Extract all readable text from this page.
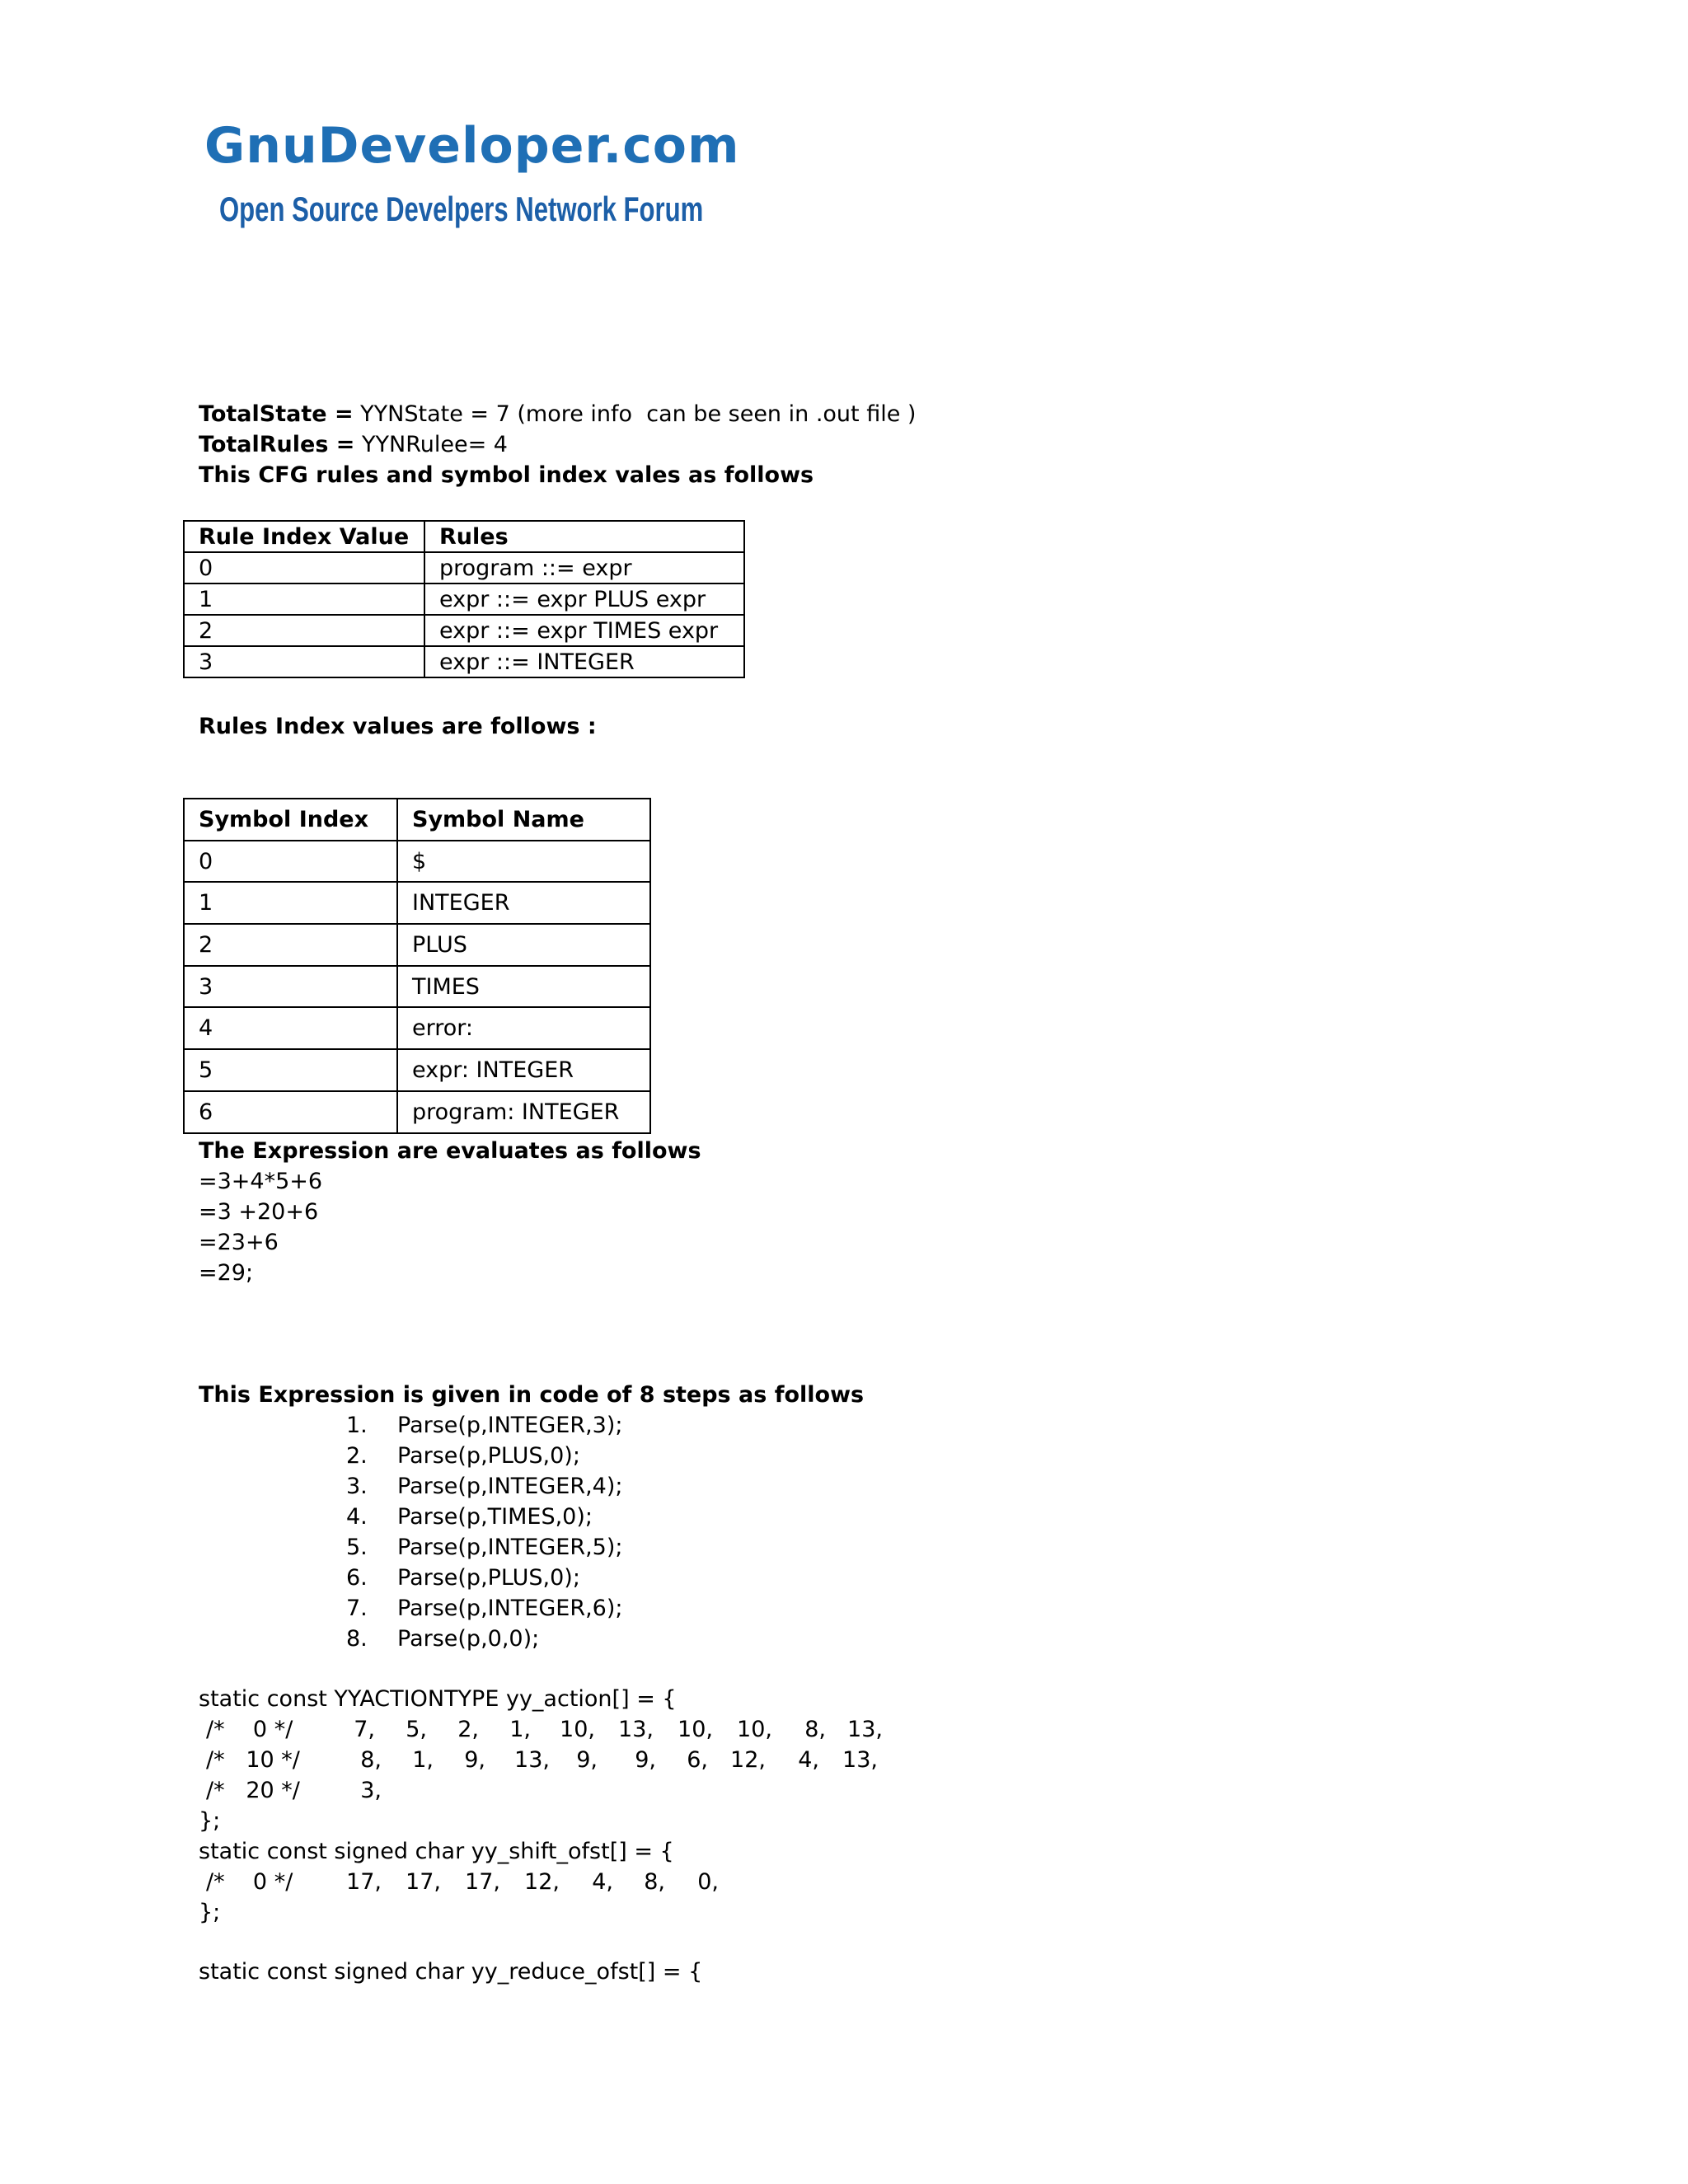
GnuDeveloper.com
Open Source Develpers Network Forum
TotalState = YYNState = 7 (more info  can be seen in .out file )
TotalRules = YYNRulee= 4
This CFG rules and symbol index vales as follows
Rule Index Value	Rules
0	program ::= expr
1	expr ::= expr PLUS expr
2	expr ::= expr TIMES expr
3	expr ::= INTEGER
Rules Index values are follows :
Symbol Index	Symbol Name
0	$
1	INTEGER
2	PLUS
3	TIMES
4	error:
5	expr: INTEGER
6	program: INTEGER
The Expression are evaluates as follows
=3+4*5+6
=3 +20+6
=23+6
=29;
This Expression is given in code of 8 steps as follows
1. Parse(p,INTEGER,3);
2. Parse(p,PLUS,0);
3. Parse(p,INTEGER,4);
4. Parse(p,TIMES,0);
5. Parse(p,INTEGER,5);
6. Parse(p,PLUS,0);
7. Parse(p,INTEGER,6);
8. Parse(p,0,0);
static const YYACTIONTYPE yy_action[] = {
/*    0 */	7,	5,	2,	1,	10,	13,	10,	10,	8, 13,
/*   10 */	8,	1,	9,	13,	9,	9,	6,	12,	4,	13,
/*   20 */	3,
};
static const signed char yy_shift_ofst[] = {
/*    0 */	17,	17,	17,	12,	4,	8,	0,
};
static const signed char yy_reduce_ofst[] = {
